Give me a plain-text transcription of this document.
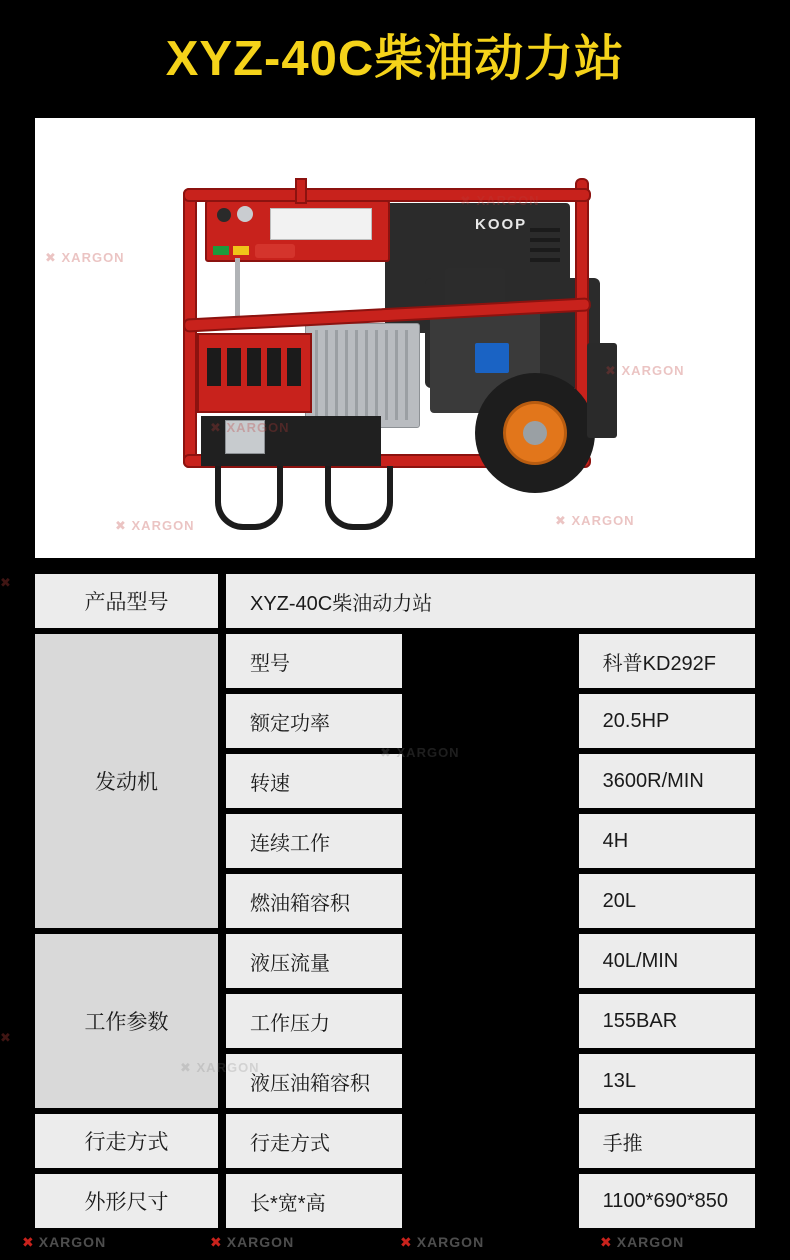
XYZ-40C柴油动力站
KOOP
✖ XARGON
✖ XARGON
✖ XARGON
✖ XARGON
✖ XARGON	✖ XARGON
产品型号		XYZ-40C柴油动力站		
发动机		型号		科普KD292F
		额定功率		20.5HP
		转速		3600R/MIN
		连续工作		4H
		燃油箱容积		20L
工作参数		液压流量		40L/MIN
		工作压力		155BAR
		液压油箱容积		13L
行走方式		行走方式		手推
外形尺寸		长*宽*高		1100*690*850
✖ XARGON	✖ XARGON	✖ XARGON	✖ XARGON
✖
✖
✖ XARGON
✖ XARGON
